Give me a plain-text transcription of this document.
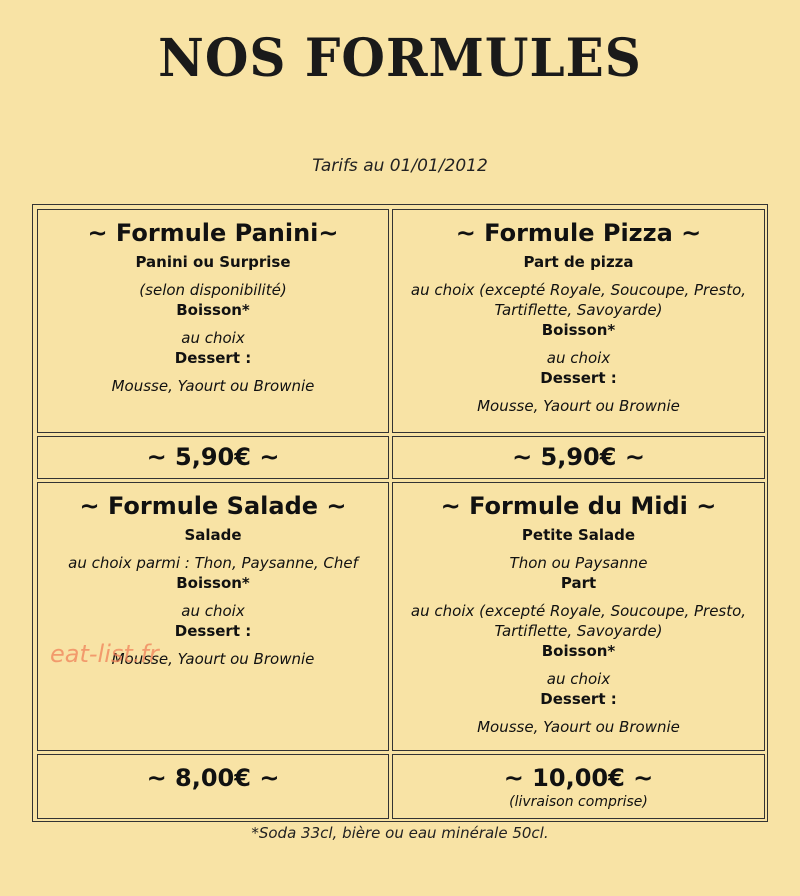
NOS FORMULES
Tarifs au 01/01/2012
~ Formule Panini~
Panini ou Surprise
(selon disponibilité)
Boisson*
au choix
Dessert :
Mousse, Yaourt ou Brownie
~ Formule Pizza ~
Part de pizza
au choix (excepté Royale, Soucoupe, Presto,
Tartiflette, Savoyarde)
Boisson*
au choix
Dessert :
Mousse, Yaourt ou Brownie
~ 5,90€ ~	~ 5,90€ ~
~ Formule Salade ~
Salade
au choix parmi : Thon, Paysanne, Chef
Boisson*
au choix
Dessert :
Mousse, Yaourt ou Brownie
~ Formule du Midi ~
Petite Salade
Thon ou Paysanne
Part
au choix (excepté Royale, Soucoupe, Presto,
Tartiflette, Savoyarde)
Boisson*
au choix
Dessert :
Mousse, Yaourt ou Brownie
~ 8,00€ ~	~ 10,00€ ~
(livraison comprise)
*Soda 33cl, bière ou eau minérale 50cl.
eat-list.fr
